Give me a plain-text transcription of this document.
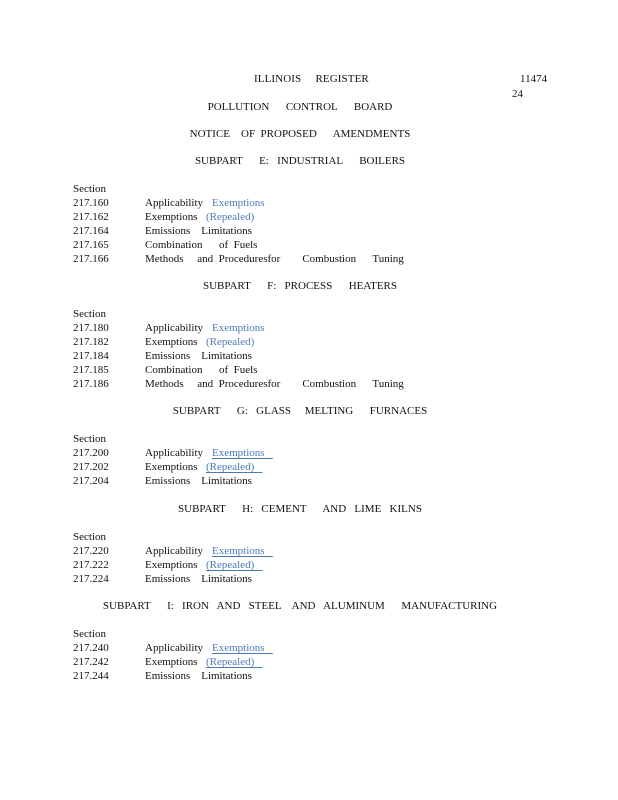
ILLINOIS     REGISTER	11474
24
POLLUTION      CONTROL      BOARD
NOTICE    OF  PROPOSED      AMENDMENTS
SUBPART      E:   INDUSTRIAL      BOILERS
Section
217.160	Applicability Exemptions
217.162	Exemptions (Repealed)
217.164	Emissions    Limitations
217.165	Combination      of  Fuels
217.166	Methods     and  Proceduresfor        Combustion      Tuning
SUBPART      F:   PROCESS      HEATERS
Section
217.180	Applicability Exemptions
217.182	Exemptions (Repealed)
217.184	Emissions    Limitations
217.185	Combination      of  Fuels
217.186	Methods     and  Proceduresfor        Combustion      Tuning
SUBPART      G:   GLASS     MELTING      FURNACES
Section
217.200	Applicability Exemptions
217.202	Exemptions (Repealed)
217.204	Emissions    Limitations
SUBPART      H:   CEMENT      AND   LIME   KILNS
Section
217.220	Applicability Exemptions
217.222	Exemptions (Repealed)
217.224	Emissions    Limitations
SUBPART      I:   IRON   AND   STEEL    AND   ALUMINUM      MANUFACTURING
Section
217.240	Applicability Exemptions
217.242	Exemptions (Repealed)
217.244	Emissions    Limitations
